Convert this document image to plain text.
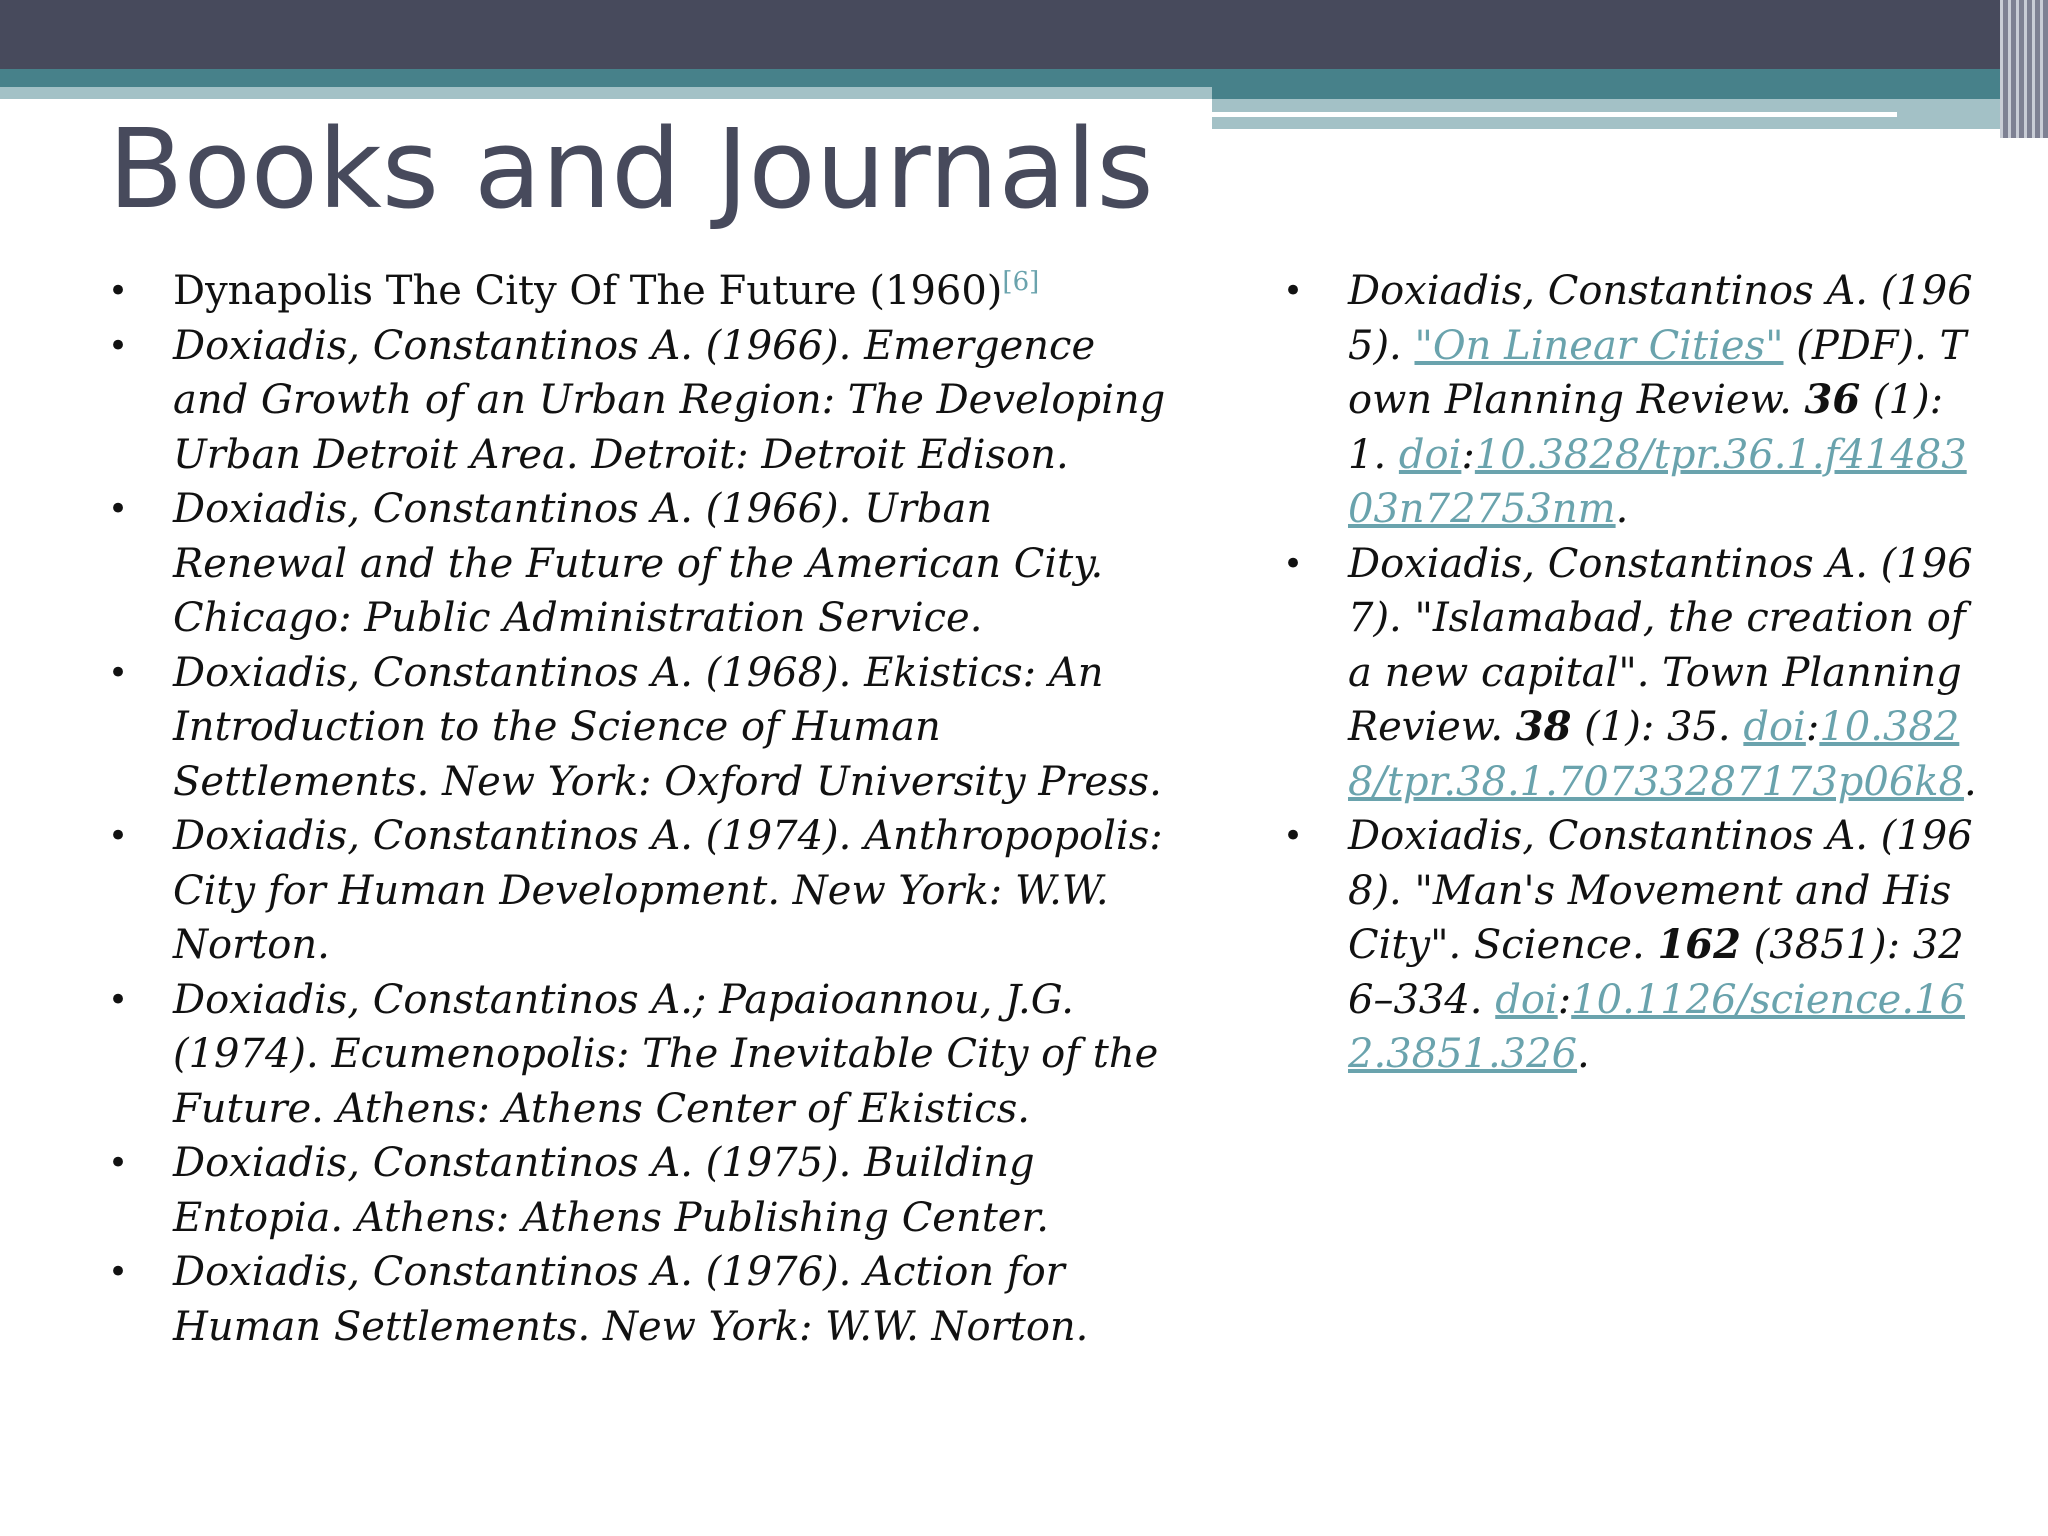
Books and Journals
• Dynapolis The City Of The Future (1960)[6]
• Doxiadis, Constantinos A. (1966). Emergence and Growth of an Urban Region: The Developing Urban Detroit Area. Detroit: Detroit Edison.
• Doxiadis, Constantinos A. (1966). Urban Renewal and the Future of the American City. Chicago: Public Administration Service.
• Doxiadis, Constantinos A. (1968). Ekistics: An Introduction to the Science of Human Settlements. New York: Oxford University Press.
• Doxiadis, Constantinos A. (1974). Anthropopolis: City for Human Development. New York: W.W. Norton.
• Doxiadis, Constantinos A.; Papaioannou, J.G. (1974). Ecumenopolis: The Inevitable City of the Future. Athens: Athens Center of Ekistics.
• Doxiadis, Constantinos A. (1975). Building Entopia. Athens: Athens Publishing Center.
• Doxiadis, Constantinos A. (1976). Action for Human Settlements. New York: W.W. Norton.
• Doxiadis, Constantinos A. (1965). "On Linear Cities" (PDF). Town Planning Review. 36 (1): 1. doi:10.3828/tpr.36.1.f4148303n72753nm.
• Doxiadis, Constantinos A. (1967). "Islamabad, the creation of a new capital". Town Planning Review. 38 (1): 35. doi:10.3828/tpr.38.1.70733287173p06k8.
• Doxiadis, Constantinos A. (1968). "Man's Movement and His City". Science. 162 (3851): 326–334. doi:10.1126/science.162.3851.326.
